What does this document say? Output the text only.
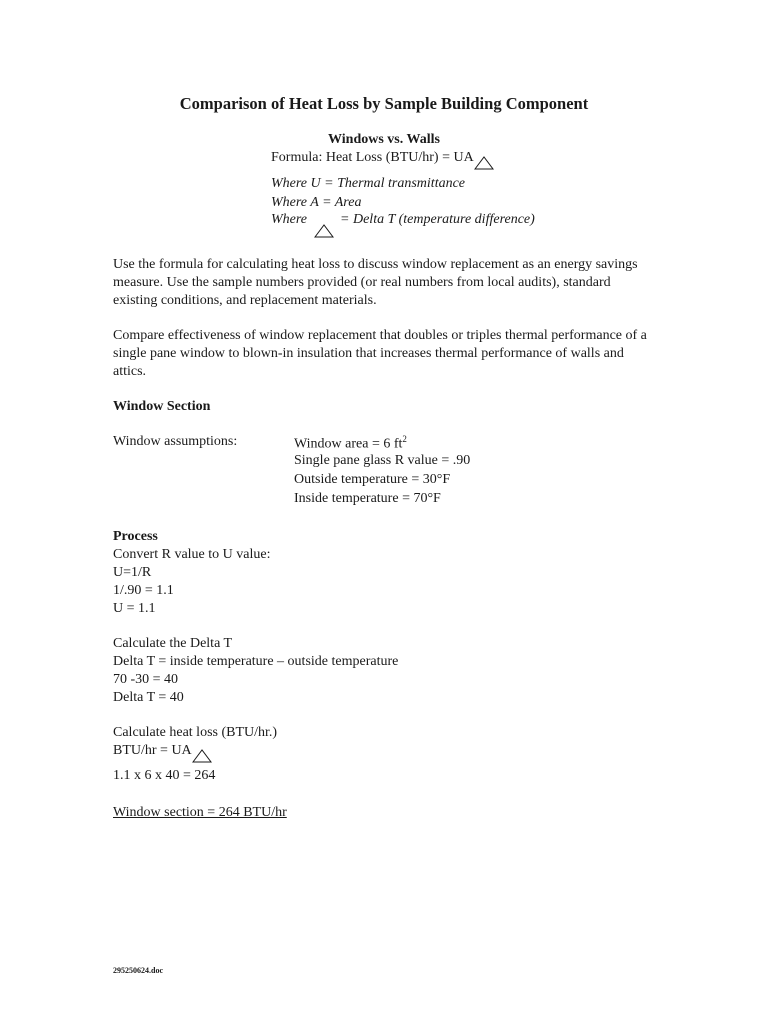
Comparison of Heat Loss by Sample Building Component
Windows vs. Walls
Formula: Heat Loss (BTU/hr) = UA
Where U = Thermal transmittance
Where A = Area
Where = Delta T (temperature difference)
Use the formula for calculating heat loss to discuss window replacement as an energy savings measure. Use the sample numbers provided (or real numbers from local audits), standard existing conditions, and replacement materials.
Compare effectiveness of window replacement that doubles or triples thermal performance of a single pane window to blown-in insulation that increases thermal performance of walls and attics.
Window Section
Window assumptions:	Window area = 6 $ft^2$
Single pane glass R value = .90
Outside temperature = 30°F
Inside temperature = 70°F
Process
Convert R value to U value:
U=1/R
1/.90 = 1.1
U = 1.1
Calculate the Delta T
Delta T = inside temperature – outside temperature
70 -30 = 40
Delta T = 40
Calculate heat loss (BTU/hr.)
BTU/hr = UA
1.1 x 6 x 40 = 264
Window section = 264 BTU/hr
295250624.doc
